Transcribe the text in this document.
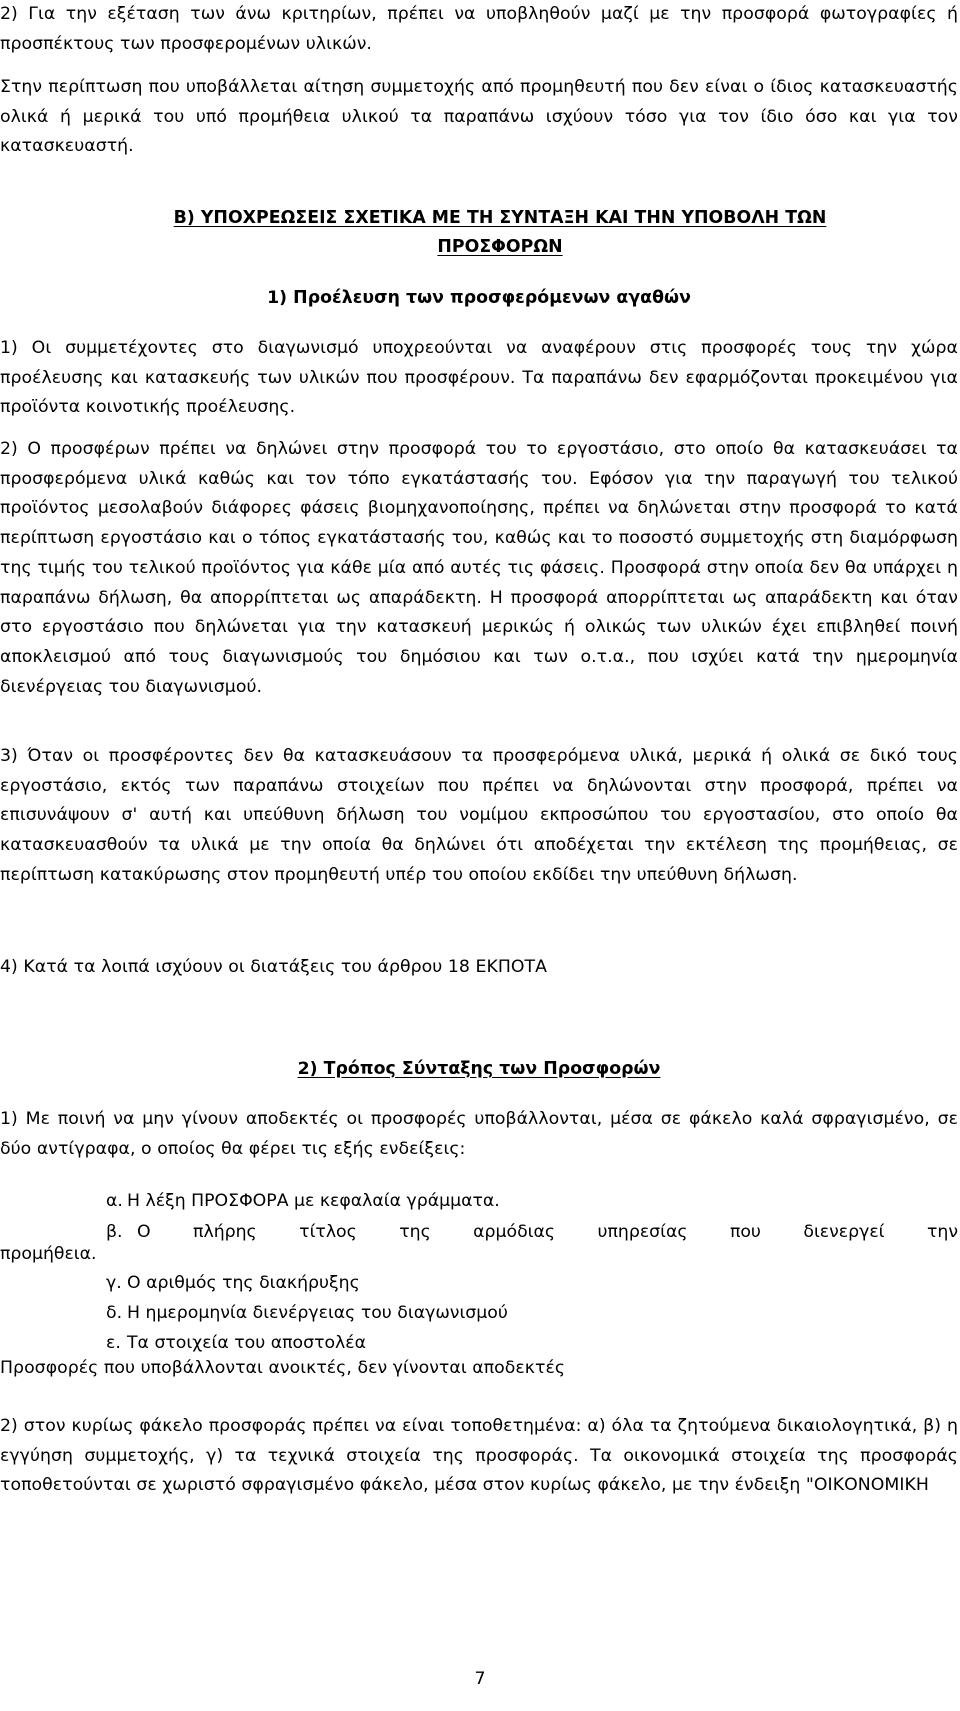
2) Για την εξέταση των άνω κριτηρίων, πρέπει να υποβληθούν μαζί με την προσφορά φωτογραφίες ή προσπέκτους των προσφερομένων υλικών.

Στην περίπτωση που υποβάλλεται αίτηση συμμετοχής από προμηθευτή που δεν είναι ο ίδιος κατασκευαστής ολικά ή μερικά του υπό προμήθεια υλικού τα παραπάνω ισχύουν τόσο για τον ίδιο όσο και για τον κατασκευαστή.

Β) ΥΠΟΧΡΕΩΣΕΙΣ ΣΧΕΤΙΚΑ ΜΕ ΤΗ ΣΥΝΤΑΞΗ ΚΑΙ ΤΗΝ ΥΠΟΒΟΛΗ ΤΩΝ ΠΡΟΣΦΟΡΩΝ

1) Προέλευση των προσφερόμενων αγαθών

1) Οι συμμετέχοντες στο διαγωνισμό υποχρεούνται να αναφέρουν στις προσφορές τους την χώρα προέλευσης και κατασκευής των υλικών που προσφέρουν. Τα παραπάνω δεν εφαρμόζονται προκειμένου για προϊόντα κοινοτικής προέλευσης.

2) Ο προσφέρων πρέπει να δηλώνει στην προσφορά του το εργοστάσιο, στο οποίο θα κατασκευάσει τα προσφερόμενα υλικά καθώς και τον τόπο εγκατάστασής του. Εφόσον για την παραγωγή του τελικού προϊόντος μεσολαβούν διάφορες φάσεις βιομηχανοποίησης, πρέπει να δηλώνεται στην προσφορά το κατά περίπτωση εργοστάσιο και ο τόπος εγκατάστασής του, καθώς και το ποσοστό συμμετοχής στη διαμόρφωση της τιμής του τελικού προϊόντος για κάθε μία από αυτές τις φάσεις. Προσφορά στην οποία δεν θα υπάρχει η παραπάνω δήλωση, θα απορρίπτεται ως απαράδεκτη. Η προσφορά απορρίπτεται ως απαράδεκτη και όταν στο εργοστάσιο που δηλώνεται για την κατασκευή μερικώς ή ολικώς των υλικών έχει επιβληθεί ποινή αποκλεισμού από τους διαγωνισμούς του δημόσιου και των ο.τ.α., που ισχύει κατά την ημερομηνία διενέργειας του διαγωνισμού.

3) Όταν οι προσφέροντες δεν θα κατασκευάσουν τα προσφερόμενα υλικά, μερικά ή ολικά σε δικό τους εργοστάσιο, εκτός των παραπάνω στοιχείων που πρέπει να δηλώνονται στην προσφορά, πρέπει να επισυνάψουν σ' αυτή και υπεύθυνη δήλωση του νομίμου εκπροσώπου του εργοστασίου, στο οποίο θα κατασκευασθούν τα υλικά με την οποία θα δηλώνει ότι αποδέχεται την εκτέλεση της προμήθειας, σε περίπτωση κατακύρωσης στον προμηθευτή υπέρ του οποίου εκδίδει την υπεύθυνη δήλωση.

4) Κατά τα λοιπά ισχύουν οι διατάξεις του άρθρου 18 ΕΚΠΟΤΑ

2) Τρόπος Σύνταξης των Προσφορών

1) Με ποινή να μην γίνουν αποδεκτές οι προσφορές υποβάλλονται, μέσα σε φάκελο καλά σφραγισμένο, σε δύο αντίγραφα, ο οποίος θα φέρει τις εξής ενδείξεις:

α. Η λέξη ΠΡΟΣΦΟΡΑ με κεφαλαία γράμματα.

β. Ο πλήρης τίτλος της αρμόδιας υπηρεσίας που διενεργεί την

προμήθεια.

γ. Ο αριθμός της διακήρυξης

δ. Η ημερομηνία διενέργειας του διαγωνισμού

ε. Τα στοιχεία του αποστολέα

Προσφορές που υποβάλλονται ανοικτές, δεν γίνονται αποδεκτές

2) στον κυρίως φάκελο προσφοράς πρέπει να είναι τοποθετημένα: α) όλα τα ζητούμενα δικαιολογητικά, β) η εγγύηση συμμετοχής, γ) τα τεχνικά στοιχεία της προσφοράς. Τα οικονομικά στοιχεία της προσφοράς τοποθετούνται σε χωριστό σφραγισμένο φάκελο, μέσα στον κυρίως φάκελο, με την ένδειξη "ΟΙΚΟΝΟΜΙΚΗ

7
